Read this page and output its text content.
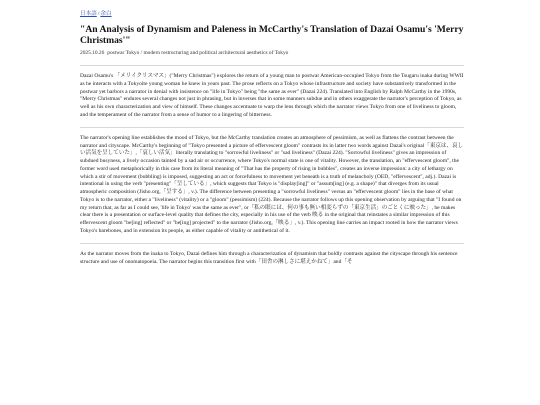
日本語/余白
"An Analysis of Dynamism and Paleness in McCarthy's Translation of Dazai Osamu's 'Merry Christmas'"
2025.10.26 postwar Tokyo / modern restructuring and political architectural aesthetics of Tokyo

Dazai Osamu's 「メリイクリスマス」("Merry Christmas") explores the return of a young man to postwar American-occupied Tokyo from the Tsugaru inaka during WWII as he interacts with a Tokyoite young woman he knew in years past. The prose reflects on a Tokyo whose infrastructure and society have substantively transformed in the postwar yet harbors a narrator in denial with insistence on "life in Tokyo" being "the same as ever" (Dazai 224). Translated into English by Ralph McCarthy in the 1990s, "Merry Christmas" endures several changes not just in phrasing, but in inverses that in some manners subdue and in others exaggerate the narrator's perception of Tokyo, as well as his own characterization and view of himself. These changes accentuate to warp the lens through which the narrator views Tokyo from one of liveliness to gloom, and the temperament of the narrator from a sense of humor to a lingering of bitterness.

The narrator's opening line establishes the mood of Tokyo, but the McCarthy translation creates an atmosphere of pessimism, as well as flattens the contrast between the narrator and cityscape. McCarthy's beginning of "Tokyo presented a picture of effervescent gloom" contrasts its in latter two words against Dazai's original「東京は、哀しい活気を呈していた」,「哀しい活気」literally translating to "sorrowful liveliness" or "sad liveliness" (Dazai 224). "Sorrowful liveliness" gives an impression of subdued busyness, a lively occasion tainted by a sad air or occurrence, where Tokyo's normal state is one of vitality. However, the translation, an "effervescent gloom", the former word used metaphorically in this case from its literal meaning of "That has the property of rising in bubbles", creates an inverse impression: a city of lethargy on which a stir of movement (bubbling) is imposed, suggesting an act or forcefulness to movement yet beneath is a truth of melancholy (OED, "effervescent", adj.). Dazai is intentional in using the verb "presenting"「呈している」, which suggests that Tokyo is "display[ing]" or "assum[ing] (e.g. a shape)" that diverges from its usual atmospheric composition (Jisho.org,「呈する」, v.). The difference between presenting a "sorrowful liveliness" versus an "effervescent gloom" lies in the base of what Tokyo is to the narrator, either a "liveliness" (vitality) or a "gloom" (pessimism) (224). Because the narrator follows up this opening observation by arguing that "I found on my return that, as far as I could see, 'life in Tokyo' was the same as ever", or「私の眼には、何の事も無い相変らずの「東京生活」のごとくに映った」, he makes clear there is a presentation or surface-level quality that defines the city, especially in his use of the verb 映る in the original that reinstates a similar impression of this effervescent gloom "be[ing] reflected" or "be[ing] projected" to the narrator (Jisho.org,「映る」, v.). This opening line carries an impact rooted in how the narrator views Tokyo's barebones, and in extension its people, as either capable of vitality or antithetical of it.

As the narrator moves from the inaka to Tokyo, Dazai defines him through a characterization of dynamism that boldly contrasts against the cityscape through his sentence structure and use of onomatopoeia. The narrator begins this transition first with「田舎の淋しさに堪えかねて」and「そ
